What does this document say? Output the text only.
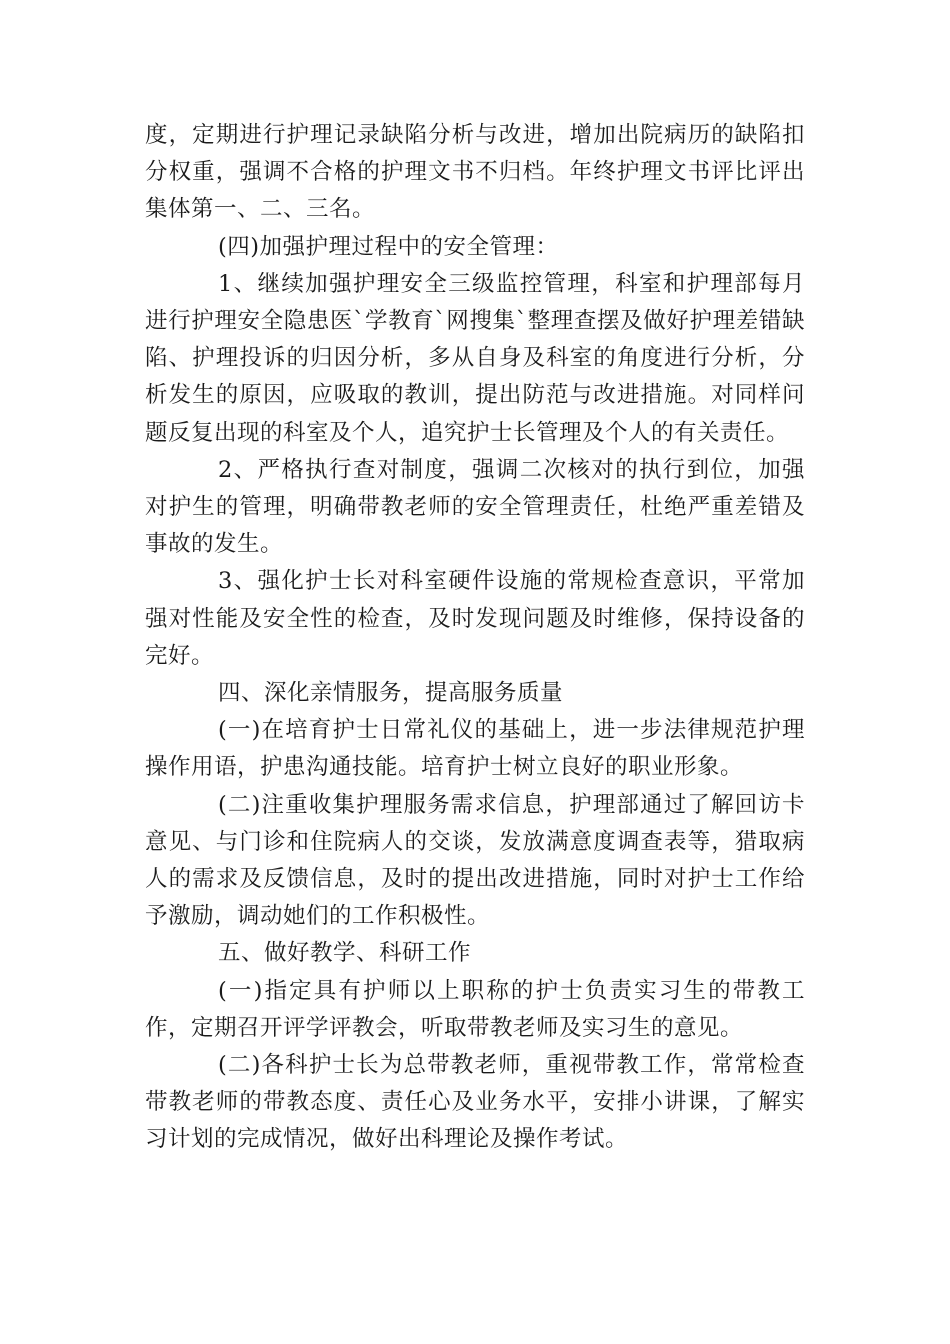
度，定期进行护理记录缺陷分析与改进，增加出院病历的缺陷扣分权重，强调不合格的护理文书不归档。年终护理文书评比评出集体第一、二、三名。

(四)加强护理过程中的安全管理：

1、继续加强护理安全三级监控管理，科室和护理部每月进行护理安全隐患医`学教育`网搜集`整理查摆及做好护理差错缺陷、护理投诉的归因分析，多从自身及科室的角度进行分析，分析发生的原因，应吸取的教训，提出防范与改进措施。对同样问题反复出现的科室及个人，追究护士长管理及个人的有关责任。

2、严格执行查对制度，强调二次核对的执行到位，加强对护生的管理，明确带教老师的安全管理责任，杜绝严重差错及事故的发生。

3、强化护士长对科室硬件设施的常规检查意识，平常加强对性能及安全性的检查，及时发现问题及时维修，保持设备的完好。

四、深化亲情服务，提高服务质量

(一)在培育护士日常礼仪的基础上，进一步法律规范护理操作用语，护患沟通技能。培育护士树立良好的职业形象。

(二)注重收集护理服务需求信息，护理部通过了解回访卡意见、与门诊和住院病人的交谈，发放满意度调查表等，猎取病人的需求及反馈信息，及时的提出改进措施，同时对护士工作给予激励，调动她们的工作积极性。

五、做好教学、科研工作

(一)指定具有护师以上职称的护士负责实习生的带教工作，定期召开评学评教会，听取带教老师及实习生的意见。

(二)各科护士长为总带教老师，重视带教工作，常常检查带教老师的带教态度、责任心及业务水平，安排小讲课，了解实习计划的完成情况，做好出科理论及操作考试。
